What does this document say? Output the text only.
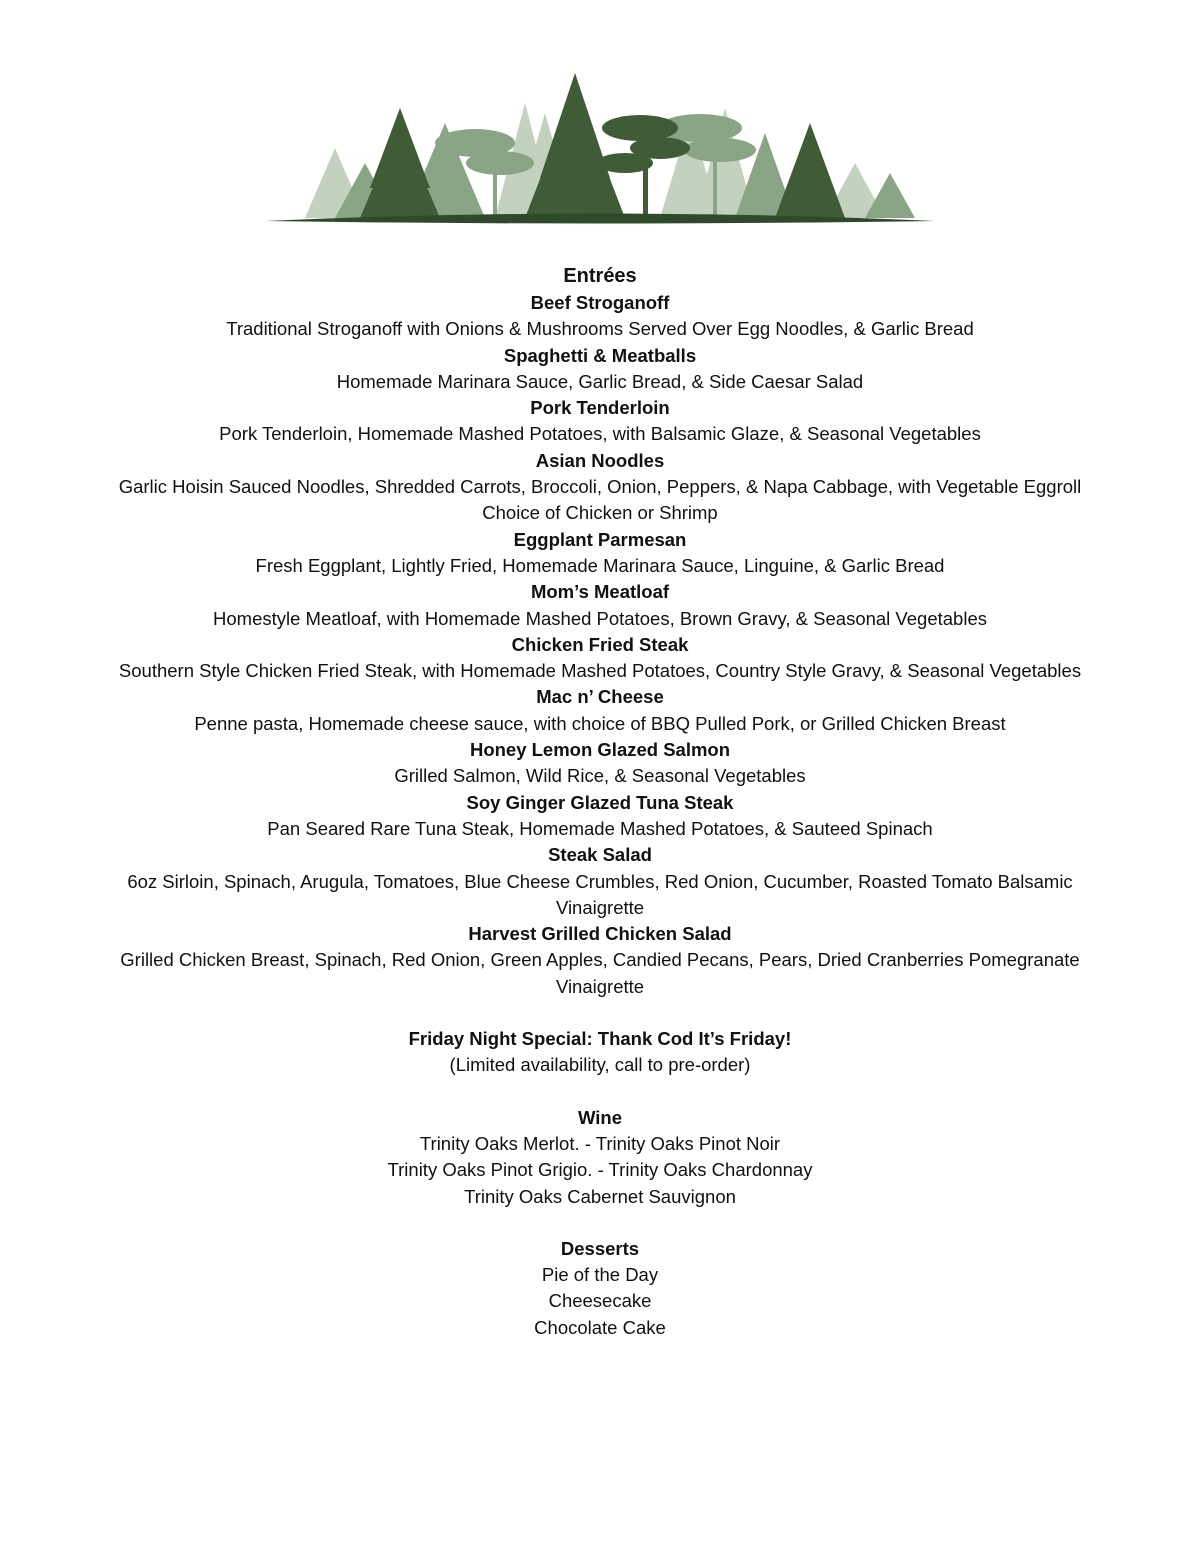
Entrées
Beef Stroganoff
Traditional Stroganoff with Onions & Mushrooms Served Over Egg Noodles, & Garlic Bread
Spaghetti & Meatballs
Homemade Marinara Sauce, Garlic Bread, & Side Caesar Salad
Pork Tenderloin
Pork Tenderloin, Homemade Mashed Potatoes, with Balsamic Glaze, & Seasonal Vegetables
Asian Noodles
Garlic Hoisin Sauced Noodles, Shredded Carrots, Broccoli, Onion, Peppers, & Napa Cabbage, with Vegetable Eggroll
Choice of Chicken or Shrimp
Eggplant Parmesan
Fresh Eggplant, Lightly Fried, Homemade Marinara Sauce, Linguine, & Garlic Bread
Mom’s Meatloaf
Homestyle Meatloaf, with Homemade Mashed Potatoes, Brown Gravy, & Seasonal Vegetables
Chicken Fried Steak
Southern Style Chicken Fried Steak, with Homemade Mashed Potatoes, Country Style Gravy, & Seasonal Vegetables
Mac n’ Cheese
Penne pasta, Homemade cheese sauce, with choice of BBQ Pulled Pork, or Grilled Chicken Breast
Honey Lemon Glazed Salmon
Grilled Salmon, Wild Rice, & Seasonal Vegetables
Soy Ginger Glazed Tuna Steak
Pan Seared Rare Tuna Steak, Homemade Mashed Potatoes, & Sauteed Spinach
Steak Salad
6oz Sirloin, Spinach, Arugula, Tomatoes, Blue Cheese Crumbles, Red Onion, Cucumber, Roasted Tomato Balsamic
Vinaigrette
Harvest Grilled Chicken Salad
Grilled Chicken Breast, Spinach, Red Onion, Green Apples, Candied Pecans, Pears, Dried Cranberries Pomegranate
Vinaigrette
Friday Night Special: Thank Cod It’s Friday!
(Limited availability, call to pre-order)
Wine
Trinity Oaks Merlot. - Trinity Oaks Pinot Noir
Trinity Oaks Pinot Grigio. - Trinity Oaks Chardonnay
Trinity Oaks Cabernet Sauvignon
Desserts
Pie of the Day
Cheesecake
Chocolate Cake
